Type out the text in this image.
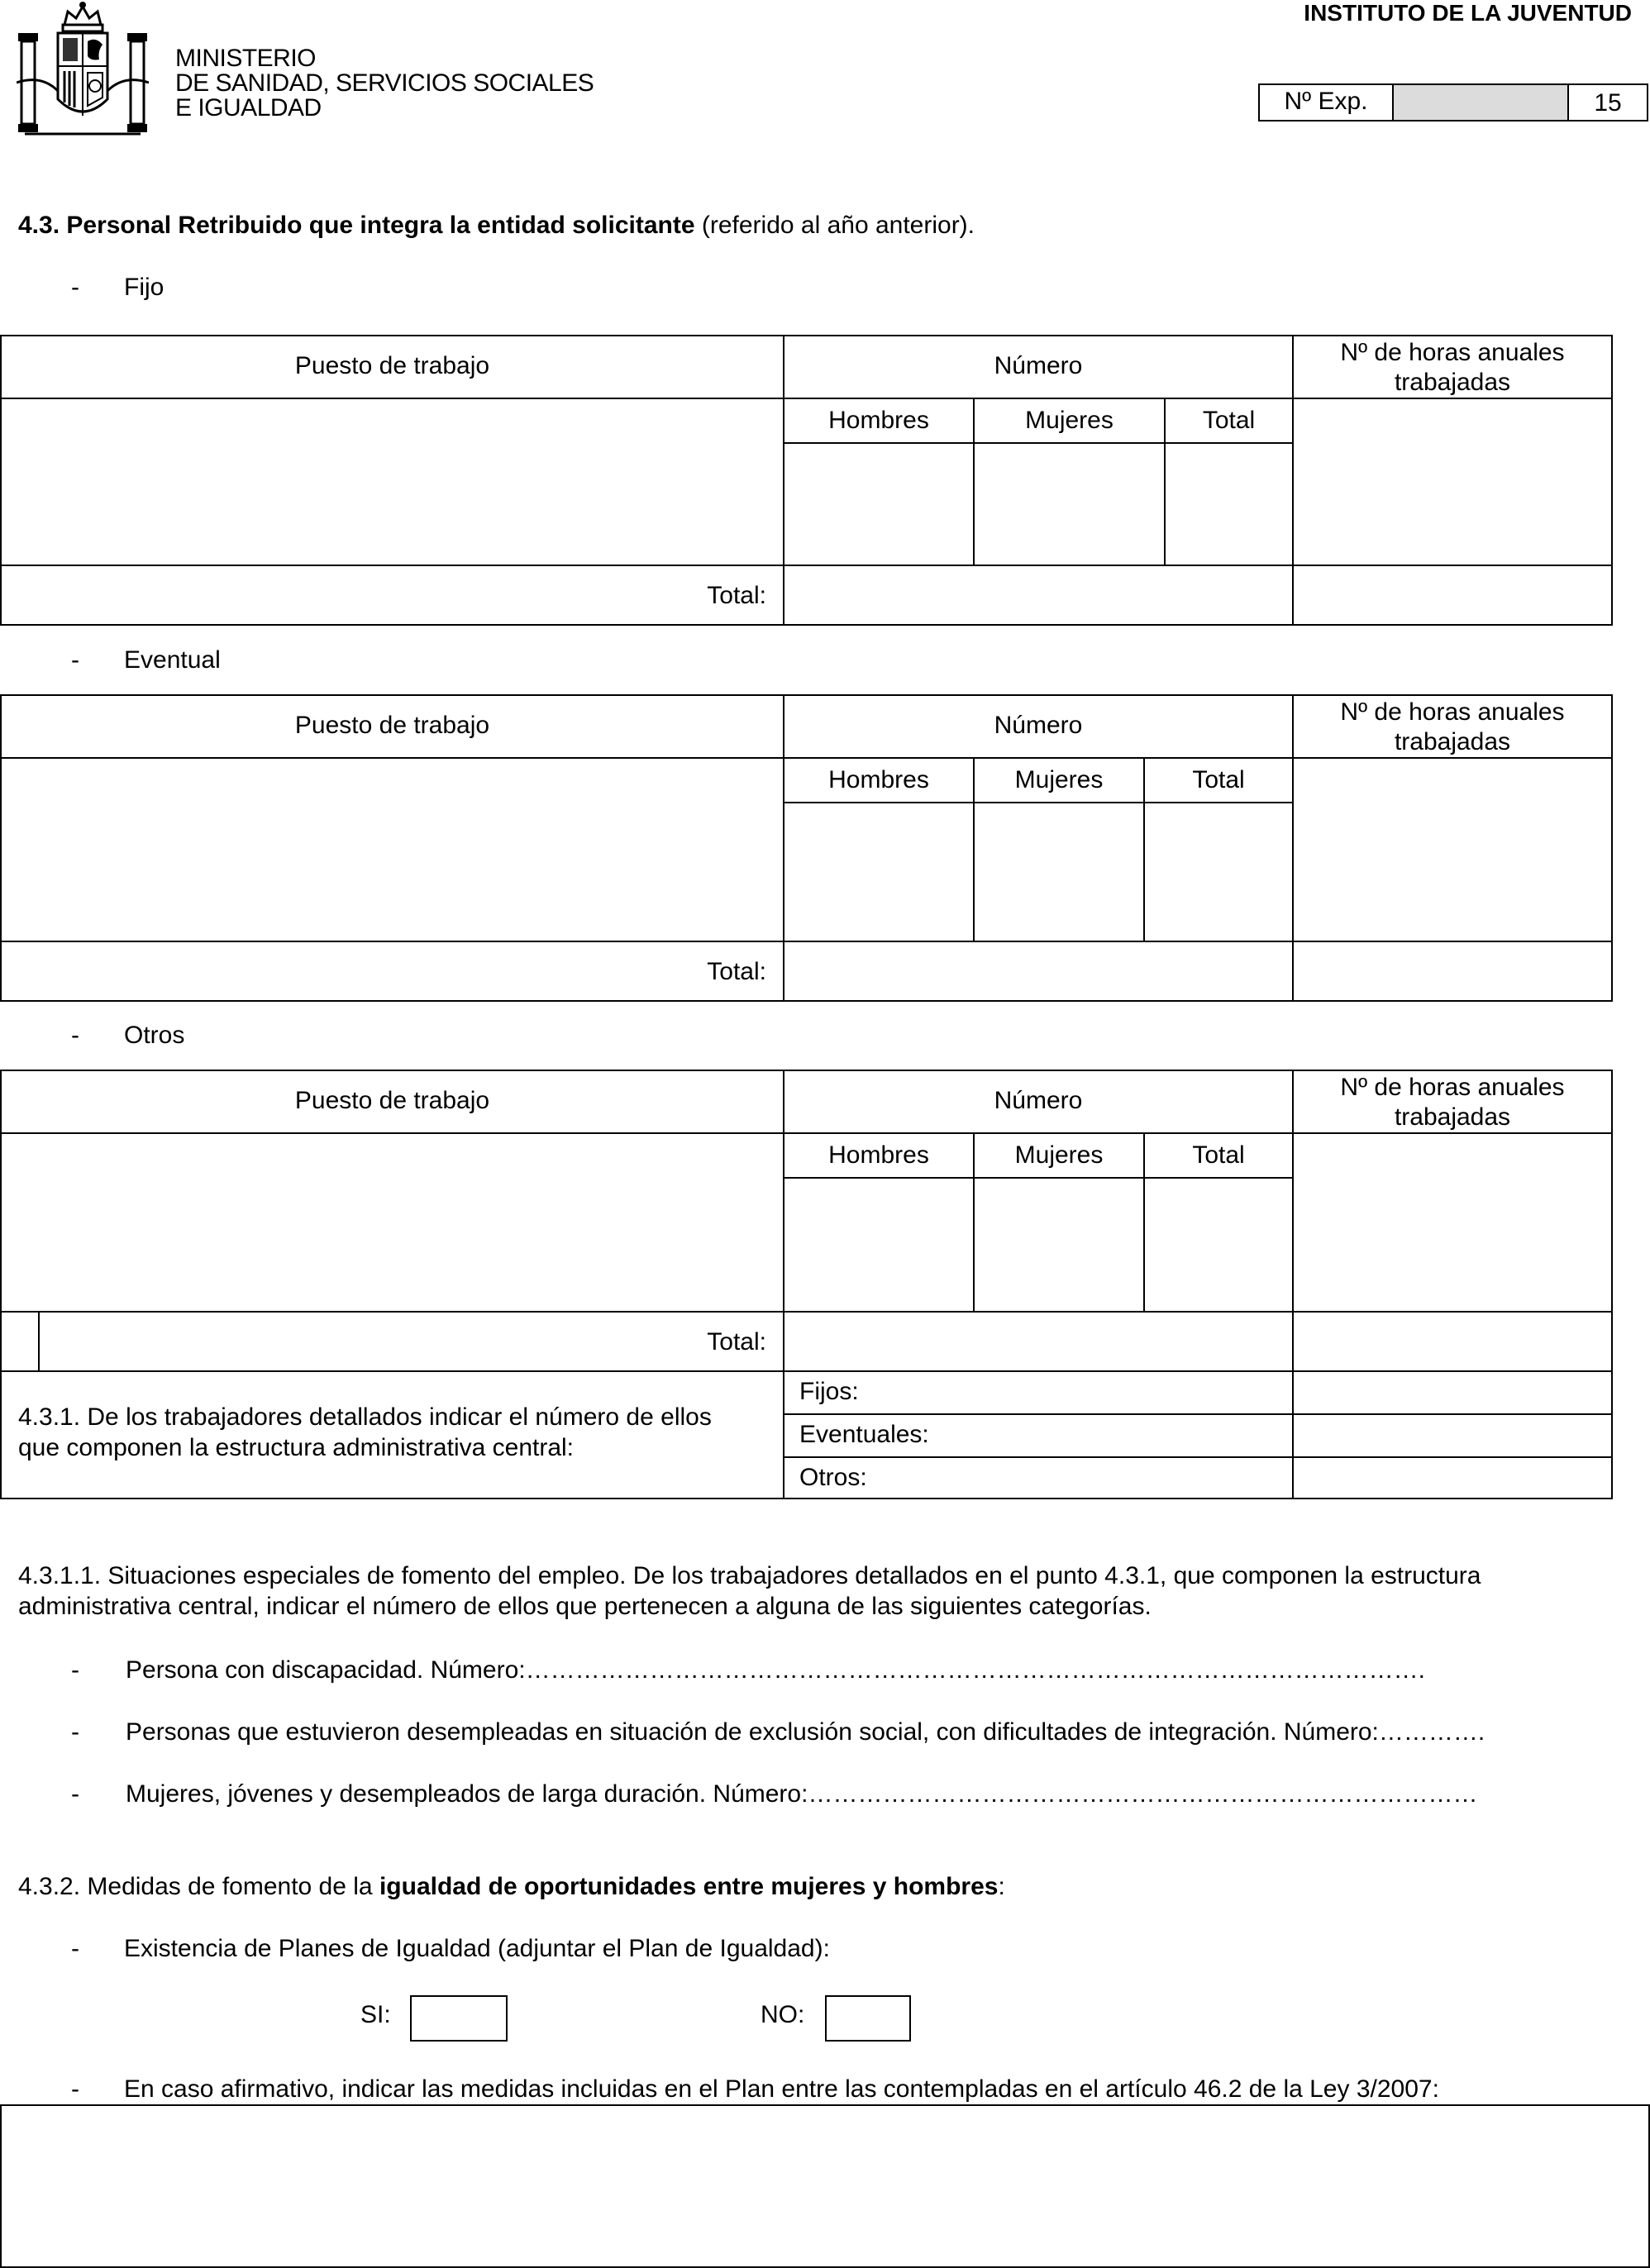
MINISTERIO
DE SANIDAD, SERVICIOS SOCIALES
E IGUALDAD
INSTITUTO DE LA JUVENTUD
Nº Exp.	15
4.3. Personal Retribuido que integra la entidad solicitante (referido al año anterior).
- Fijo
Puesto de trabajo	Número	Nº de horas anuales trabajadas
Hombres	Mujeres	Total
Total:
- Eventual
Puesto de trabajo	Número	Nº de horas anuales trabajadas
Hombres	Mujeres	Total
Total:
- Otros
Puesto de trabajo	Número	Nº de horas anuales trabajadas
Hombres	Mujeres	Total
Total:
4.3.1. De los trabajadores detallados indicar el número de ellos que componen la estructura administrativa central:
Fijos:
Eventuales:
Otros:
4.3.1.1. Situaciones especiales de fomento del empleo. De los trabajadores detallados en el punto 4.3.1, que componen la estructura administrativa central, indicar el número de ellos que pertenecen a alguna de las siguientes categorías.
- Persona con discapacidad. Número:……………………………………………………………………………………………….
- Personas que estuvieron desempleadas en situación de exclusión social, con dificultades de integración. Número:………….
- Mujeres, jóvenes y desempleados de larga duración. Número:………………………………………………………………………
4.3.2. Medidas de fomento de la igualdad de oportunidades entre mujeres y hombres:
- Existencia de Planes de Igualdad (adjuntar el Plan de Igualdad):
SI:	NO:
- En caso afirmativo, indicar las medidas incluidas en el Plan entre las contempladas en el artículo 46.2 de la Ley 3/2007:
